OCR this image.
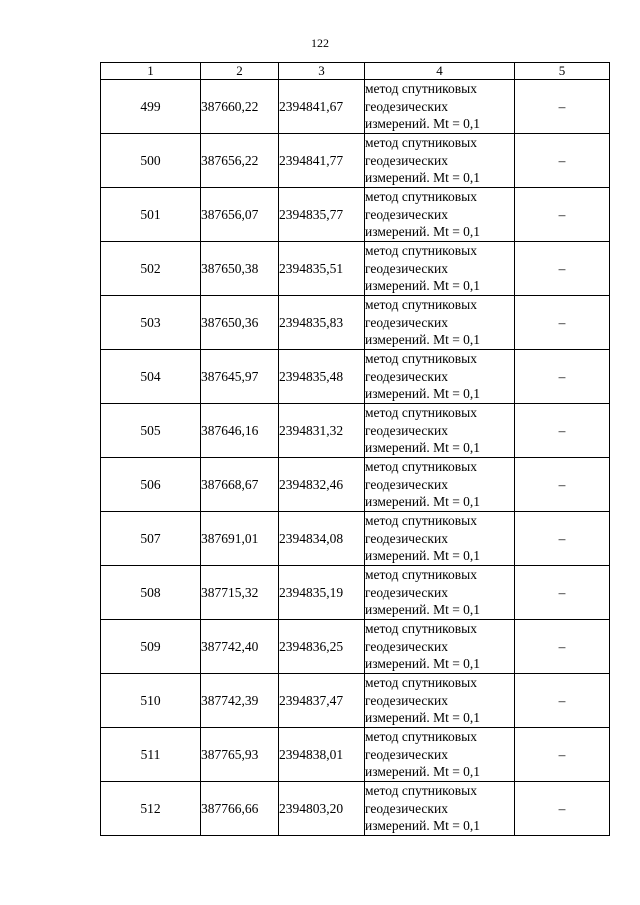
122
1	2	3	4	5
499	387660,22	2394841,67	метод спутниковых
геодезических
измерений. Mt = 0,1	–
500	387656,22	2394841,77	метод спутниковых
геодезических
измерений. Mt = 0,1	–
501	387656,07	2394835,77	метод спутниковых
геодезических
измерений. Mt = 0,1	–
502	387650,38	2394835,51	метод спутниковых
геодезических
измерений. Mt = 0,1	–
503	387650,36	2394835,83	метод спутниковых
геодезических
измерений. Mt = 0,1	–
504	387645,97	2394835,48	метод спутниковых
геодезических
измерений. Mt = 0,1	–
505	387646,16	2394831,32	метод спутниковых
геодезических
измерений. Mt = 0,1	–
506	387668,67	2394832,46	метод спутниковых
геодезических
измерений. Mt = 0,1	–
507	387691,01	2394834,08	метод спутниковых
геодезических
измерений. Mt = 0,1	–
508	387715,32	2394835,19	метод спутниковых
геодезических
измерений. Mt = 0,1	–
509	387742,40	2394836,25	метод спутниковых
геодезических
измерений. Mt = 0,1	–
510	387742,39	2394837,47	метод спутниковых
геодезических
измерений. Mt = 0,1	–
511	387765,93	2394838,01	метод спутниковых
геодезических
измерений. Mt = 0,1	–
512	387766,66	2394803,20	метод спутниковых
геодезических
измерений. Mt = 0,1	–
